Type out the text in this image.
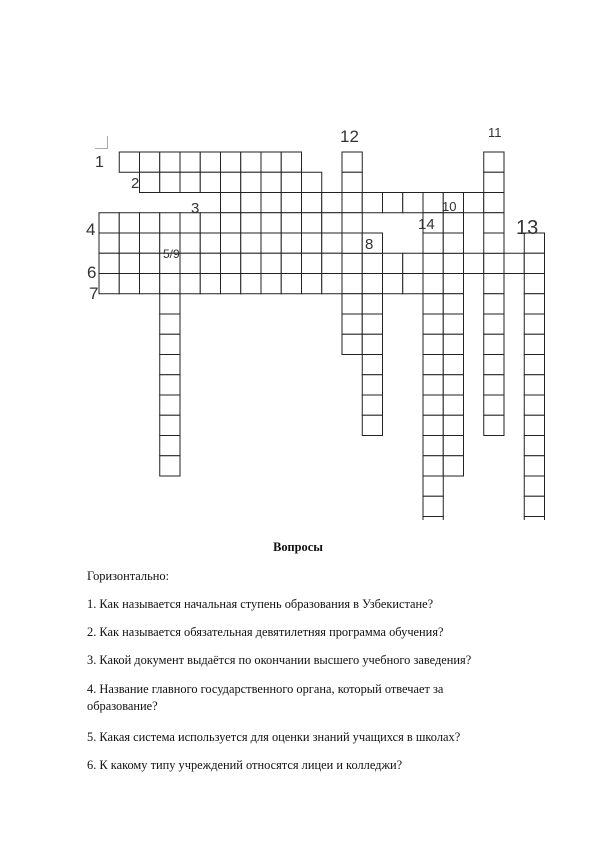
1
2
3
4
5/9
6
7
8
10
11
12
13
14
Вопросы

Горизонтально:

1. Как называется начальная ступень образования в Узбекистане?

2. Как называется обязательная девятилетняя программа обучения?

3. Какой документ выдаётся по окончании высшего учебного заведения?

4. Название главного государственного органа, который отвечает за образование?

5. Какая система используется для оценки знаний учащихся в школах?

6. К какому типу учреждений относятся лицеи и колледжи?
